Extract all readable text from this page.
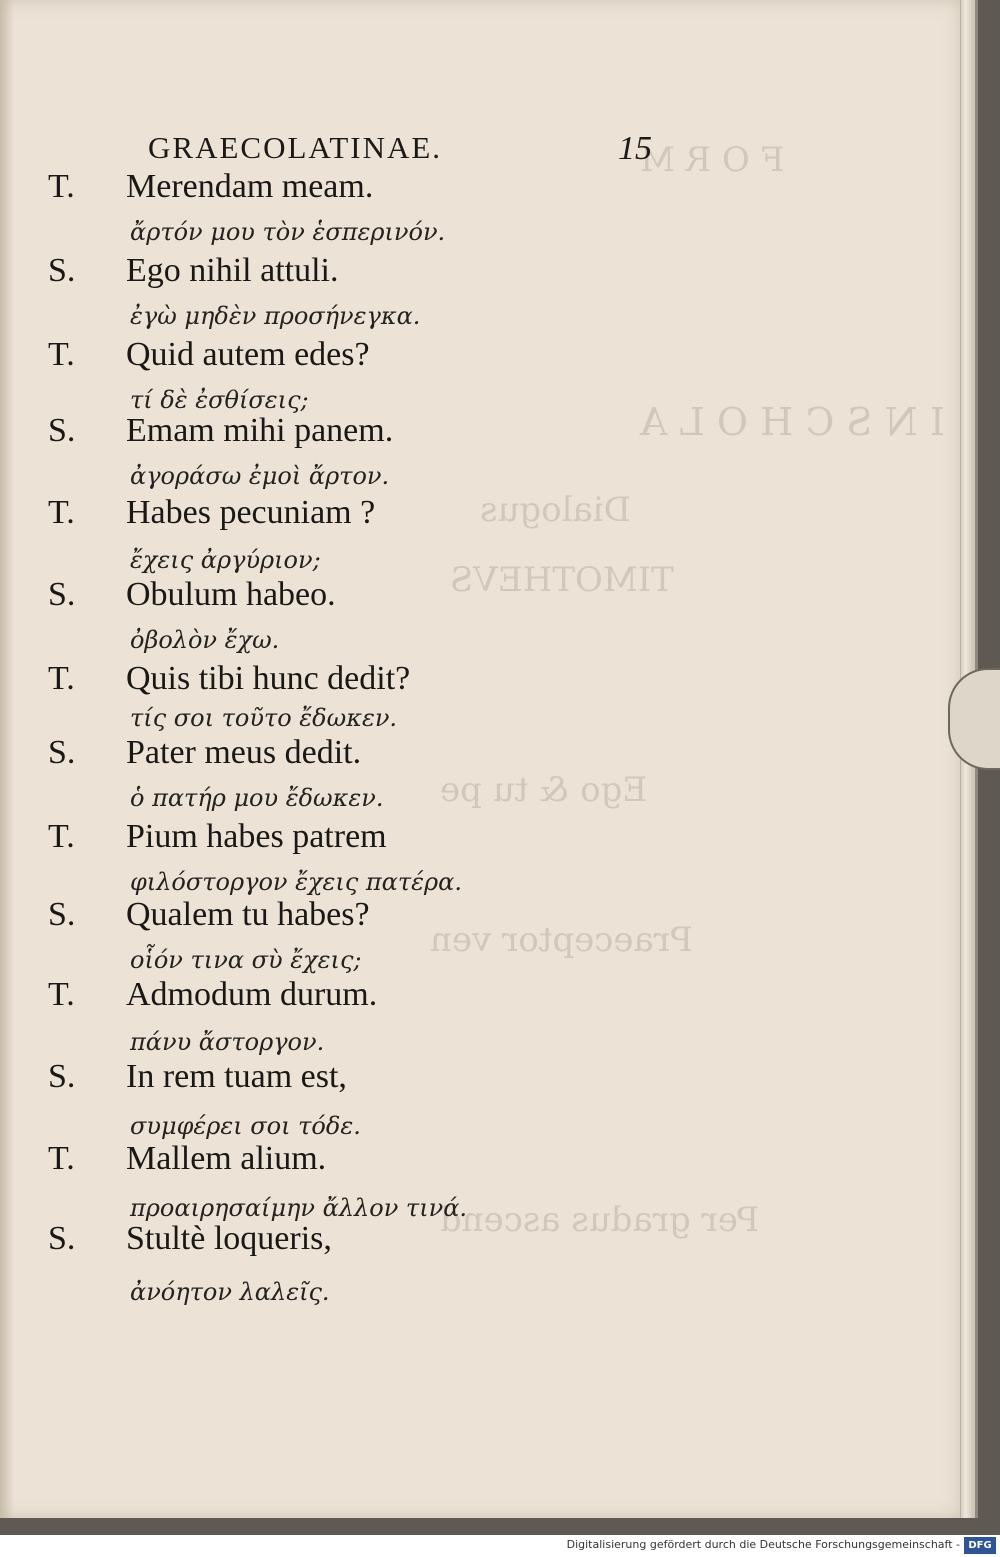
F O R M
I N S C H O L A
Dialogus
TIMOTHEVS
Ego & tu pe
Praeceptor ven
Per gradus ascend
GRAECOLATINAE.	15
T. Merendam meam.
ἄρτόν μου τὸν ἑσπερινόν.
S. Ego nihil attuli.
ἐγὼ μηδὲν προσήνεγκα.
T. Quid autem edes?
τί δὲ ἐσθίσεις;
S. Emam mihi panem.
ἀγοράσω ἐμοὶ ἄρτον.
T. Habes pecuniam ?
ἔχεις ἀργύριον;
S. Obulum habeo.
ὀβολὸν ἔχω.
T. Quis tibi hunc dedit?
τίς σοι τοῦτο ἔδωκεν.
S. Pater meus dedit.
ὁ πατήρ μου ἔδωκεν.
T. Pium habes patrem
φιλόστοργον ἔχεις πατέρα.
S. Qualem tu habes?
οἷόν τινα σὺ ἔχεις;
T. Admodum durum.
πάνυ ἄστοργον.
S. In rem tuam est,
συμφέρει σοι τόδε.
T. Mallem alium.
προαιρησαίμην ἄλλον τινά.
S. Stultè loqueris,
ἀνόητον λαλεῖς.
Digitalisierung gefördert durch die Deutsche Forschungsgemeinschaft - DFG
